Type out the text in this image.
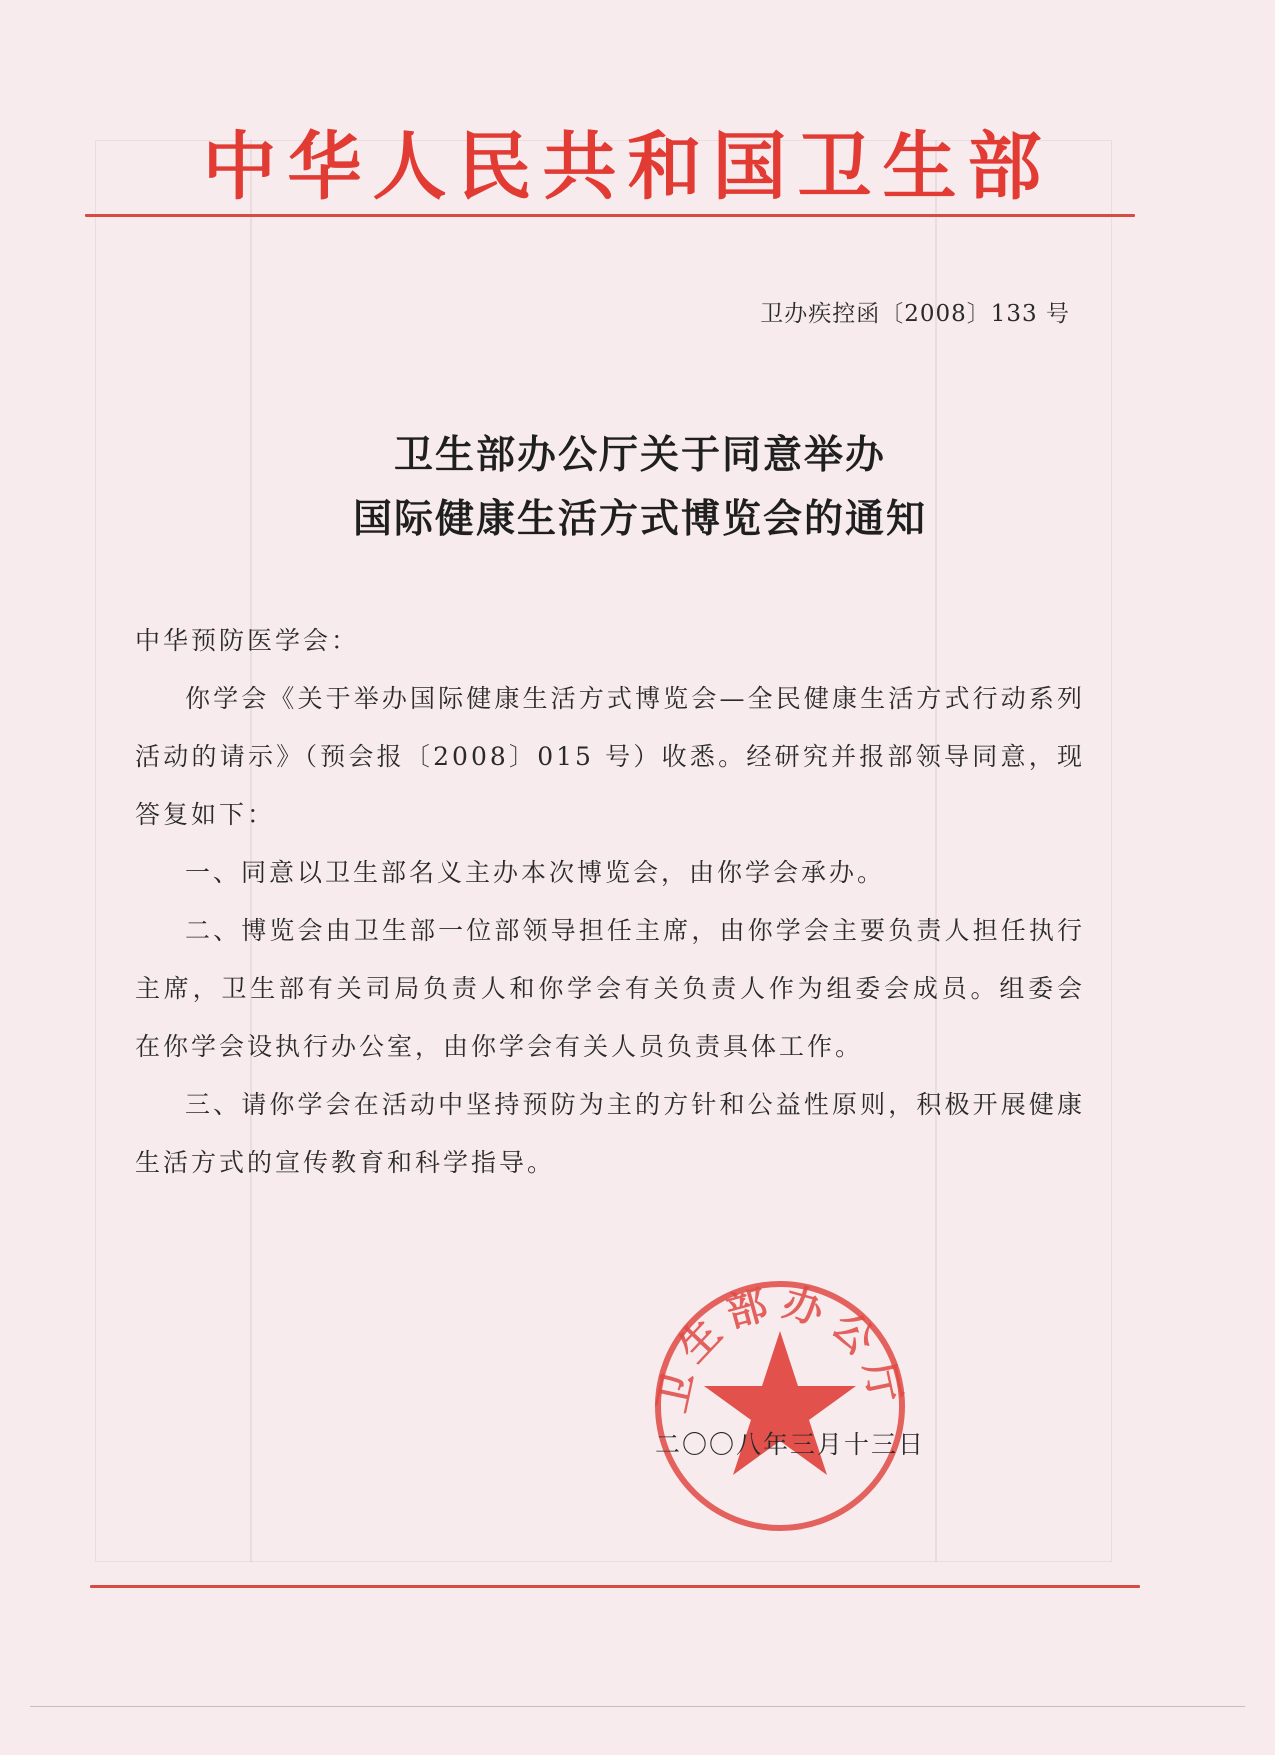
中华人民共和国卫生部
卫办疾控函〔2008〕133 号
卫生部办公厅关于同意举办
国际健康生活方式博览会的通知

中华预防医学会：

你学会《关于举办国际健康生活方式博览会—全民健康生活方式行动系列活动的请示》（预会报〔2008〕015 号）收悉。经研究并报部领导同意，现答复如下：

一、同意以卫生部名义主办本次博览会，由你学会承办。

二、博览会由卫生部一位部领导担任主席，由你学会主要负责人担任执行主席，卫生部有关司局负责人和你学会有关负责人作为组委会成员。组委会在你学会设执行办公室，由你学会有关人员负责具体工作。

三、请你学会在活动中坚持预防为主的方针和公益性原则，积极开展健康生活方式的宣传教育和科学指导。

卫生部办公厅
二〇〇八年三月十三日
